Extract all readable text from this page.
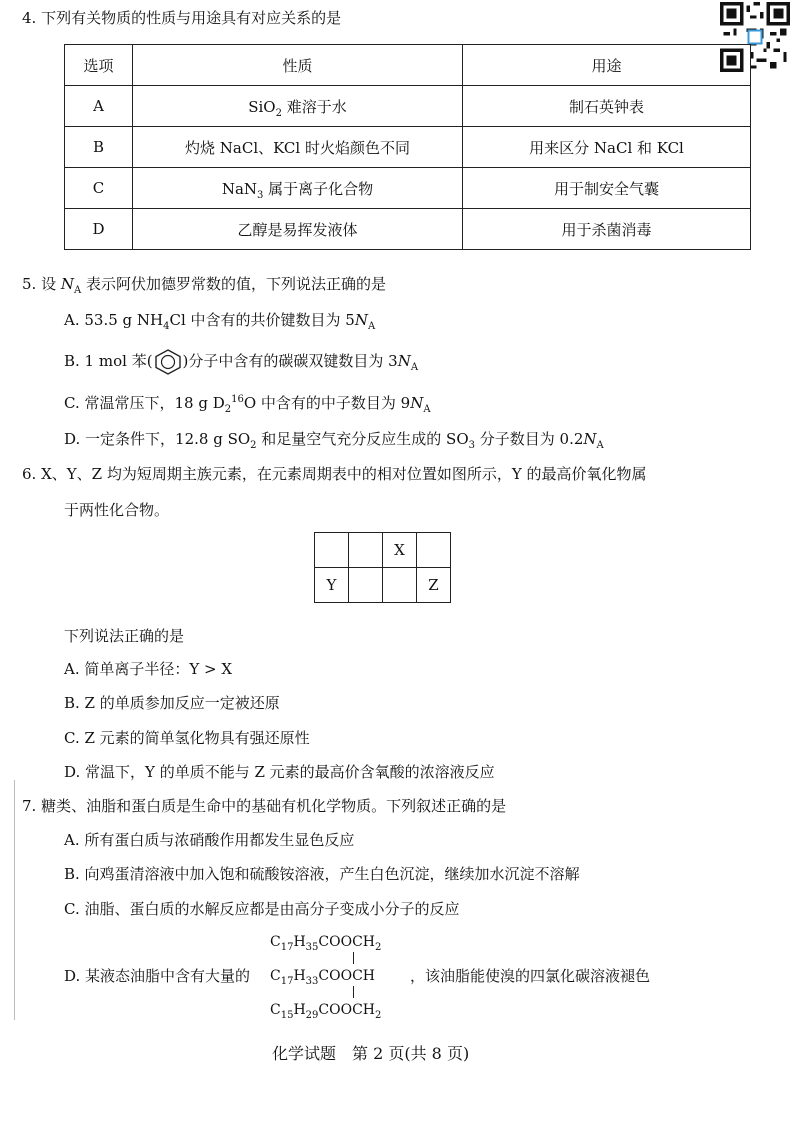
4. 下列有关物质的性质与用途具有对应关系的是
选项	性质	用途
A	SiO$_2$ 难溶于水	制石英钟表
B	灼烧 NaCl、KCl 时火焰颜色不同	用来区分 NaCl 和 KCl
C	NaN$_3$ 属于离子化合物	用于制安全气囊
D	乙醇是易挥发液体	用于杀菌消毒
5. 设 $N_A$ 表示阿伏加德罗常数的值，下列说法正确的是
A. 53.5 g $NH_4Cl$ 中含有的共价键数目为 $5N_A$
B. 1 mol 苯( )分子中含有的碳碳双键数目为 $3N_A$
C. 常温常压下，18 g $D_2^{16}O$ 中含有的中子数目为 $9N_A$
D. 一定条件下，12.8 g $SO_2$ 和足量空气充分反应生成的 $SO_3$ 分子数目为 $0.2N_A$
6. X、Y、Z 均为短周期主族元素，在元素周期表中的相对位置如图所示，Y 的最高价氧化物属
于两性化合物。
		X	
Y			Z
下列说法正确的是
A. 简单离子半径：Y > X
B. Z 的单质参加反应一定被还原
C. Z 元素的简单氢化物具有强还原性
D. 常温下，Y 的单质不能与 Z 元素的最高价含氧酸的浓溶液反应
7. 糖类、油脂和蛋白质是生命中的基础有机化学物质。下列叙述正确的是
A. 所有蛋白质与浓硝酸作用都发生显色反应
B. 向鸡蛋清溶液中加入饱和硫酸铵溶液，产生白色沉淀，继续加水沉淀不溶解
C. 油脂、蛋白质的水解反应都是由高分子变成小分子的反应
$C_{17}H_{35}COOCH_2$
D. 某液态油脂中含有大量的	，该油脂能使溴的四氯化碳溶液褪色
$C_{17}H_{33}COOCH$
$C_{15}H_{29}COOCH_2$
化学试题　第 2 页(共 8 页)
